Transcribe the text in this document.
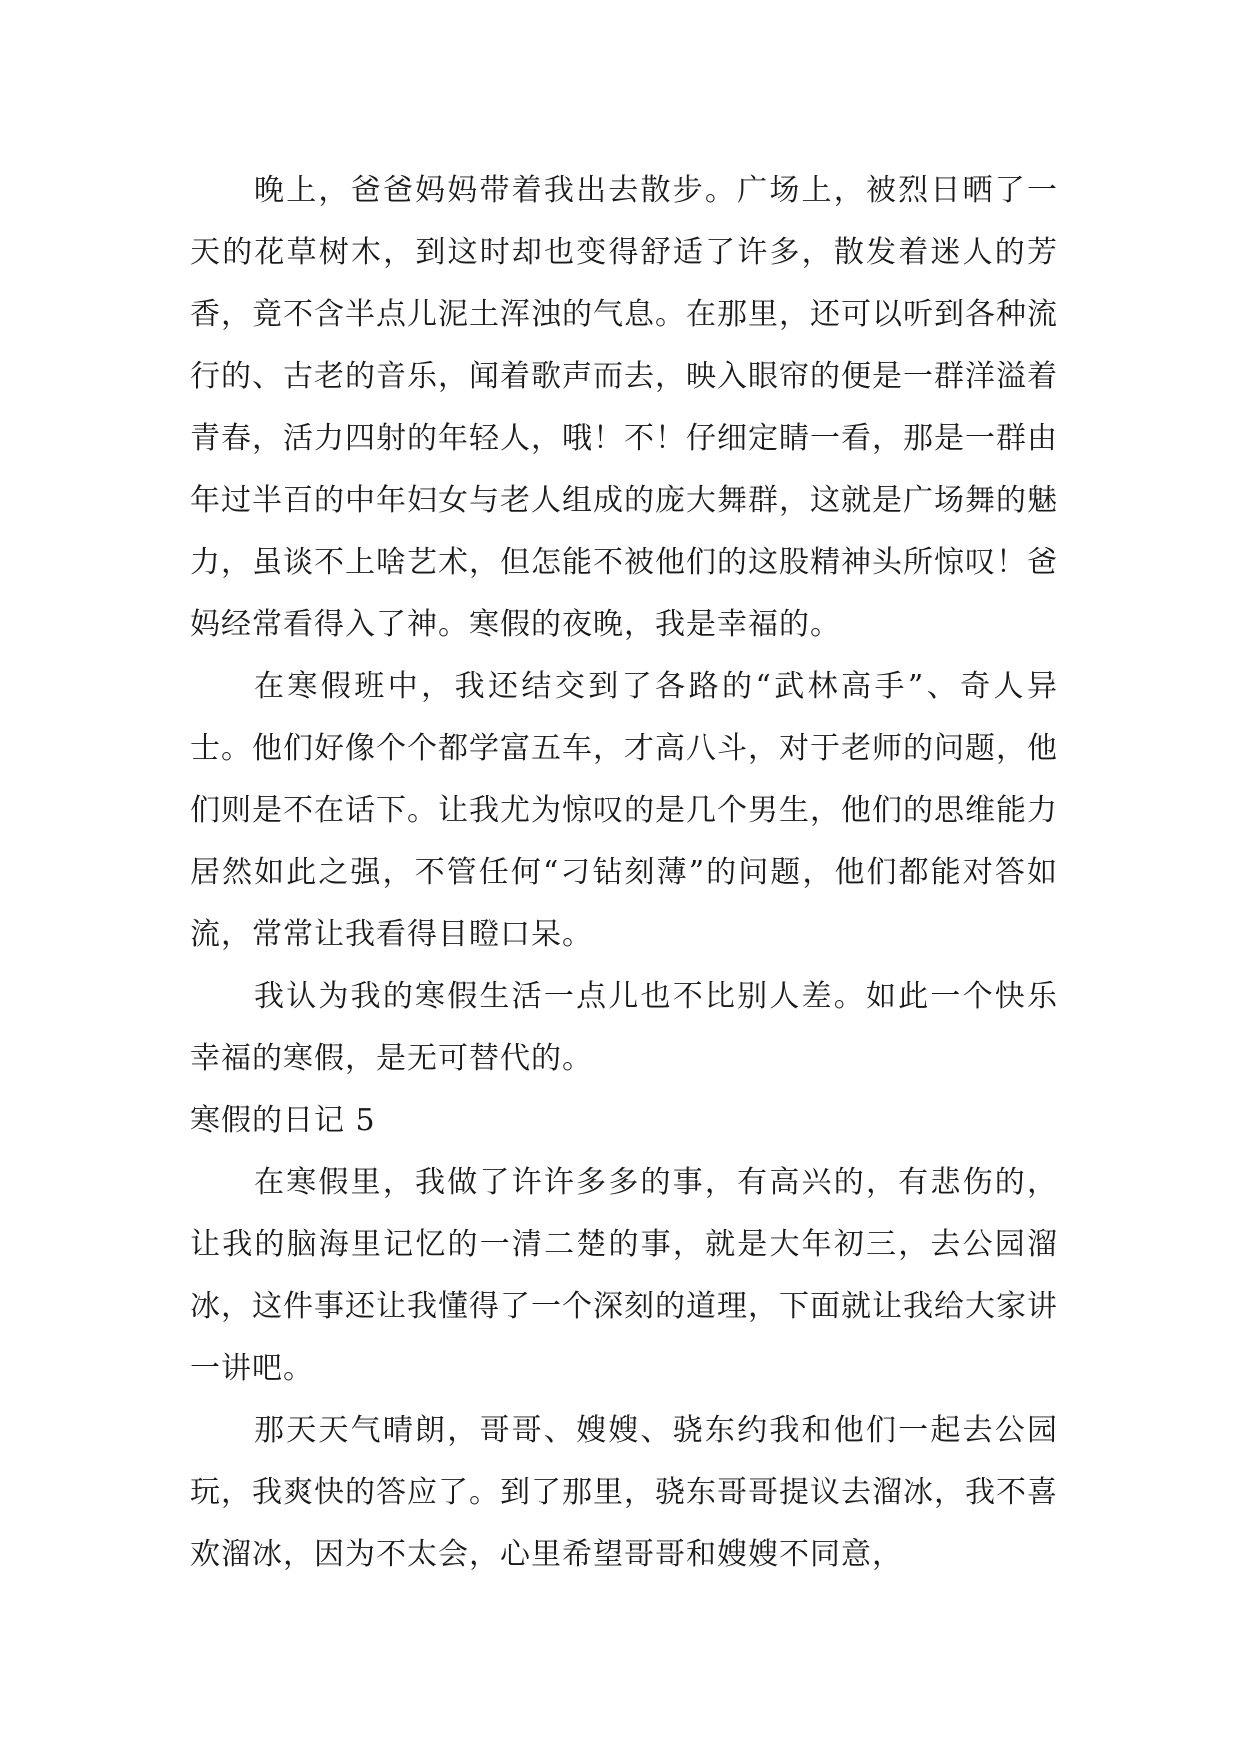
晚上，爸爸妈妈带着我出去散步。广场上，被烈日晒了一天的花草树木，到这时却也变得舒适了许多，散发着迷人的芳香，竟不含半点儿泥土浑浊的气息。在那里，还可以听到各种流行的、古老的音乐，闻着歌声而去，映入眼帘的便是一群洋溢着青春，活力四射的年轻人，哦！不！仔细定睛一看，那是一群由年过半百的中年妇女与老人组成的庞大舞群，这就是广场舞的魅力，虽谈不上啥艺术，但怎能不被他们的这股精神头所惊叹！爸妈经常看得入了神。寒假的夜晚，我是幸福的。

在寒假班中，我还结交到了各路的“武林高手”、奇人异士。他们好像个个都学富五车，才高八斗，对于老师的问题，他们则是不在话下。让我尤为惊叹的是几个男生，他们的思维能力居然如此之强，不管任何“刁钻刻薄”的问题，他们都能对答如流，常常让我看得目瞪口呆。

我认为我的寒假生活一点儿也不比别人差。如此一个快乐幸福的寒假，是无可替代的。

寒假的日记 5

在寒假里，我做了许许多多的事，有高兴的，有悲伤的，让我的脑海里记忆的一清二楚的事，就是大年初三，去公园溜冰，这件事还让我懂得了一个深刻的道理，下面就让我给大家讲一讲吧。

那天天气晴朗，哥哥、嫂嫂、骁东约我和他们一起去公园玩，我爽快的答应了。到了那里，骁东哥哥提议去溜冰，我不喜欢溜冰，因为不太会，心里希望哥哥和嫂嫂不同意，
